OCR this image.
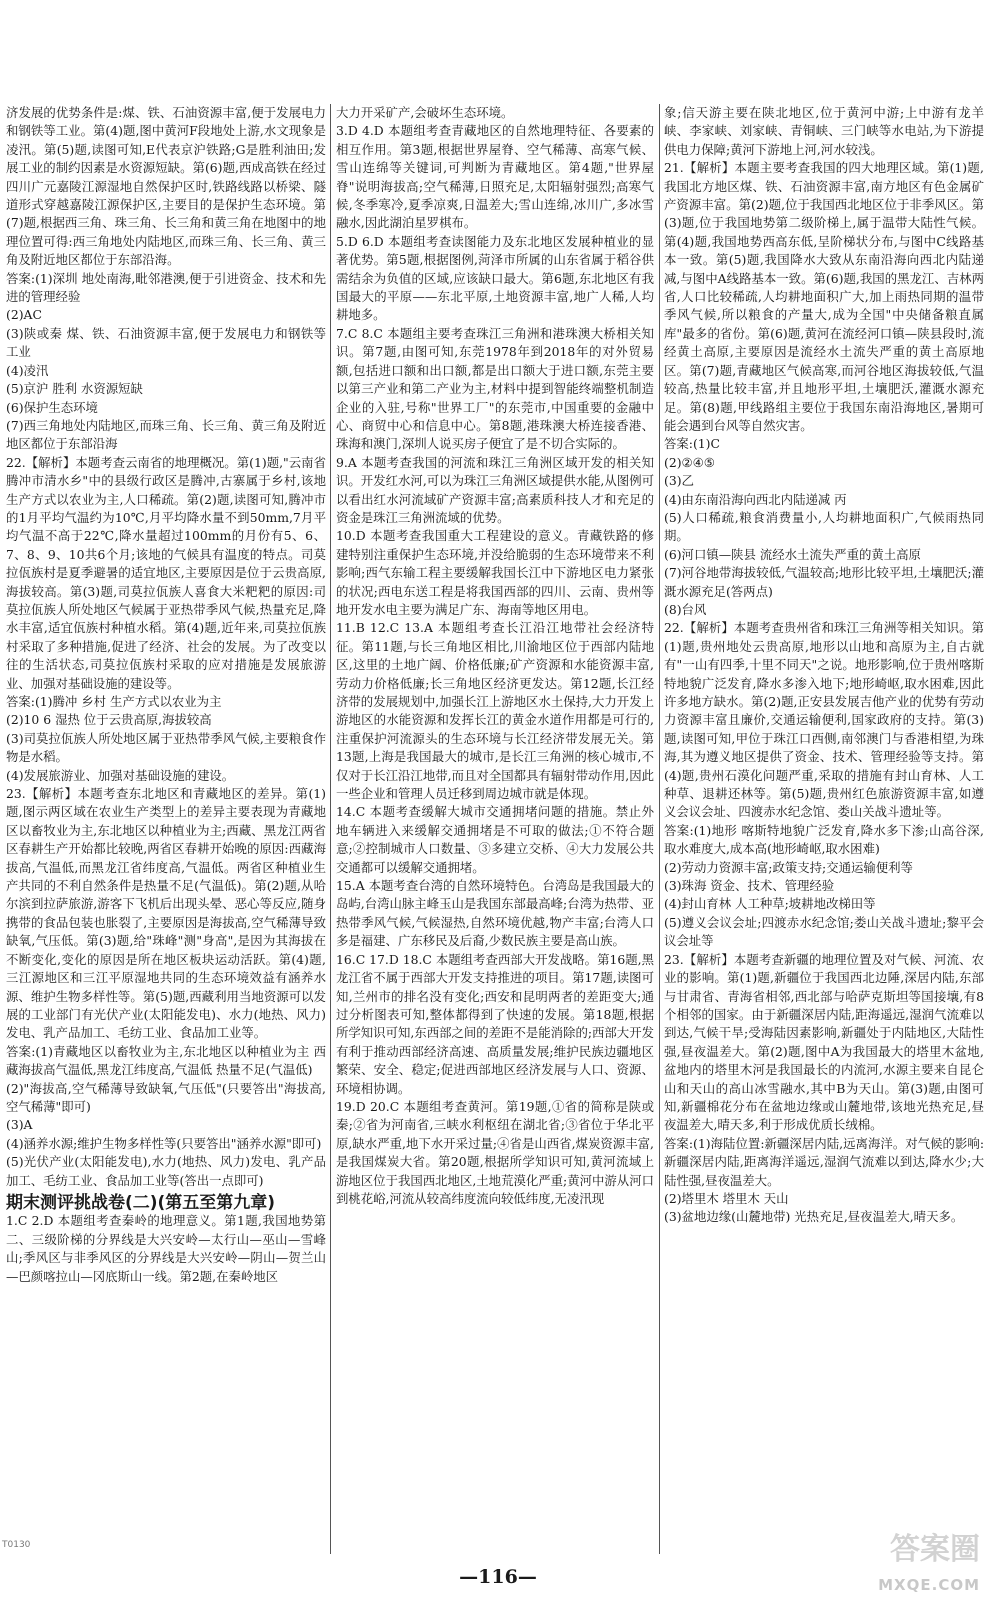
济发展的优势条件是:煤、铁、石油资源丰富,便于发展电力和钢铁等工业。第(4)题,图中黄河F段地处上游,水文现象是凌汛。第(5)题,读图可知,E代表京沪铁路;G是胜利油田;发展工业的制约因素是水资源短缺。第(6)题,西成高铁在经过四川广元嘉陵江源湿地自然保护区时,铁路线路以桥梁、隧道形式穿越嘉陵江源保护区,主要目的是保护生态环境。第(7)题,根据西三角、珠三角、长三角和黄三角在地图中的地理位置可得:西三角地处内陆地区,而珠三角、长三角、黄三角及附近地区都位于东部沿海。

答案:(1)深圳 地处南海,毗邻港澳,便于引进资金、技术和先进的管理经验

(2)AC

(3)陕或秦 煤、铁、石油资源丰富,便于发展电力和钢铁等工业

(4)凌汛

(5)京沪 胜利 水资源短缺

(6)保护生态环境

(7)西三角地处内陆地区,而珠三角、长三角、黄三角及附近地区都位于东部沿海

22.【解析】本题考查云南省的地理概况。第(1)题,"云南省腾冲市清水乡"中的县级行政区是腾冲,古寨属于乡村,该地生产方式以农业为主,人口稀疏。第(2)题,读图可知,腾冲市的1月平均气温约为10℃,月平均降水量不到50mm,7月平均气温不高于22℃,降水量超过100mm的月份有5、6、7、8、9、10共6个月;该地的气候具有温度的特点。司莫拉佤族村是夏季避暑的适宜地区,主要原因是位于云贵高原,海拔较高。第(3)题,司莫拉佤族人喜食大米粑粑的原因:司莫拉佤族人所处地区气候属于亚热带季风气候,热量充足,降水丰富,适宜佤族村种植水稻。第(4)题,近年来,司莫拉佤族村采取了多种措施,促进了经济、社会的发展。为了改变以往的生活状态,司莫拉佤族村采取的应对措施是发展旅游业、加强对基础设施的建设等。

答案:(1)腾冲 乡村 生产方式以农业为主

(2)10 6 湿热 位于云贵高原,海拔较高

(3)司莫拉佤族人所处地区属于亚热带季风气候,主要粮食作物是水稻。

(4)发展旅游业、加强对基础设施的建设。

23.【解析】本题考查东北地区和青藏地区的差异。第(1)题,图示两区域在农业生产类型上的差异主要表现为青藏地区以畜牧业为主,东北地区以种植业为主;西藏、黑龙江两省区春耕生产开始都比较晚,两省区春耕开始晚的原因:西藏海拔高,气温低,而黑龙江省纬度高,气温低。两省区种植业生产共同的不利自然条件是热量不足(气温低)。第(2)题,从哈尔滨到拉萨旅游,游客下飞机后出现头晕、恶心等反应,随身携带的食品包装也胀裂了,主要原因是海拔高,空气稀薄导致缺氧,气压低。第(3)题,给"珠峰"测"身高",是因为其海拔在不断变化,变化的原因是所在地区板块运动活跃。第(4)题,三江源地区和三江平原湿地共同的生态环境效益有涵养水源、维护生物多样性等。第(5)题,西藏利用当地资源可以发展的工业部门有光伏产业(太阳能发电)、水力(地热、风力)发电、乳产品加工、毛纺工业、食品加工业等。

答案:(1)青藏地区以畜牧业为主,东北地区以种植业为主 西藏海拔高气温低,黑龙江纬度高,气温低 热量不足(气温低)

(2)"海拔高,空气稀薄导致缺氧,气压低"(只要答出"海拔高,空气稀薄"即可)

(3)A

(4)涵养水源;维护生物多样性等(只要答出"涵养水源"即可)

(5)光伏产业(太阳能发电),水力(地热、风力)发电、乳产品加工、毛纺工业、食品加工业等(答出一点即可)

期末测评挑战卷(二)(第五至第九章)

1.C 2.D 本题组考查秦岭的地理意义。第1题,我国地势第二、三级阶梯的分界线是大兴安岭—太行山—巫山—雪峰山;季风区与非季风区的分界线是大兴安岭—阴山—贺兰山—巴颜喀拉山—冈底斯山一线。第2题,在秦岭地区

大力开采矿产,会破坏生态环境。

3.D 4.D 本题组考查青藏地区的自然地理特征、各要素的相互作用。第3题,根据世界屋脊、空气稀薄、高寒气候、雪山连绵等关键词,可判断为青藏地区。第4题,"世界屋脊"说明海拔高;空气稀薄,日照充足,太阳辐射强烈;高寒气候,冬季寒冷,夏季凉爽,日温差大;雪山连绵,冰川广,多冰雪融水,因此湖泊星罗棋布。

5.D 6.D 本题组考查读图能力及东北地区发展种植业的显著优势。第5题,根据图例,菏泽市所属的山东省属于稻谷供需结余为负值的区域,应该缺口最大。第6题,东北地区有我国最大的平原——东北平原,土地资源丰富,地广人稀,人均耕地多。

7.C 8.C 本题组主要考查珠江三角洲和港珠澳大桥相关知识。第7题,由图可知,东莞1978年到2018年的对外贸易额,包括进口额和出口额,都是出口额大于进口额,东莞主要以第三产业和第二产业为主,材料中提到智能终端整机制造企业的入驻,号称"世界工厂"的东莞市,中国重要的金融中心、商贸中心和信息中心。第8题,港珠澳大桥连接香港、珠海和澳门,深圳人说买房子便宜了是不切合实际的。

9.A 本题考查我国的河流和珠江三角洲区域开发的相关知识。开发红水河,可以为珠江三角洲区域提供水能,从图例可以看出红水河流域矿产资源丰富;高素质科技人才和充足的资金是珠江三角洲流域的优势。

10.D 本题考查我国重大工程建设的意义。青藏铁路的修建特别注重保护生态环境,并没给脆弱的生态环境带来不利影响;西气东输工程主要缓解我国长江中下游地区电力紧张的状况;西电东送工程是将我国西部的四川、云南、贵州等地开发水电主要为满足广东、海南等地区用电。

11.B 12.C 13.A 本题组考查长江沿江地带社会经济特征。第11题,与长三角地区相比,川渝地区位于西部内陆地区,这里的土地广阔、价格低廉;矿产资源和水能资源丰富,劳动力价格低廉;长三角地区经济更发达。第12题,长江经济带的发展规划中,加强长江上游地区水土保持,大力开发上游地区的水能资源和发挥长江的黄金水道作用都是可行的,注重保护河流源头的生态环境与长江经济带发展无关。第13题,上海是我国最大的城市,是长江三角洲的核心城市,不仅对于长江沿江地带,而且对全国都具有辐射带动作用,因此一些企业和管理人员迁移到周边城市就是体现。

14.C 本题考查缓解大城市交通拥堵问题的措施。禁止外地车辆进入来缓解交通拥堵是不可取的做法;①不符合题意;②控制城市人口数量、③多建立交桥、④大力发展公共交通都可以缓解交通拥堵。

15.A 本题考查台湾的自然环境特色。台湾岛是我国最大的岛屿,台湾山脉主峰玉山是我国东部最高峰;台湾为热带、亚热带季风气候,气候湿热,自然环境优越,物产丰富;台湾人口多是福建、广东移民及后裔,少数民族主要是高山族。

16.C 17.D 18.C 本题组考查西部大开发战略。第16题,黑龙江省不属于西部大开发支持推进的项目。第17题,读图可知,兰州市的排名没有变化;西安和昆明两者的差距变大;通过分析图表可知,整体都得到了快速的发展。第18题,根据所学知识可知,东西部之间的差距不是能消除的;西部大开发有利于推动西部经济高速、高质量发展;维护民族边疆地区繁荣、安全、稳定;促进西部地区经济发展与人口、资源、环境相协调。

19.D 20.C 本题组考查黄河。第19题,①省的简称是陕或秦;②省为河南省,三峡水利枢纽在湖北省;③省位于华北平原,缺水严重,地下水开采过量;④省是山西省,煤炭资源丰富,是我国煤炭大省。第20题,根据所学知识可知,黄河流域上游地区位于我国西北地区,土地荒漠化严重;黄河中游从河口到桃花峪,河流从较高纬度流向较低纬度,无凌汛现

象;信天游主要在陕北地区,位于黄河中游;上中游有龙羊峡、李家峡、刘家峡、青铜峡、三门峡等水电站,为下游提供电力保障;黄河下游地上河,河水较浅。

21.【解析】本题主要考查我国的四大地理区域。第(1)题,我国北方地区煤、铁、石油资源丰富,南方地区有色金属矿产资源丰富。第(2)题,位于我国西北地区位于非季风区。第(3)题,位于我国地势第二级阶梯上,属于温带大陆性气候。第(4)题,我国地势西高东低,呈阶梯状分布,与图中C线路基本一致。第(5)题,我国降水大致从东南沿海向西北内陆递减,与图中A线路基本一致。第(6)题,我国的黑龙江、吉林两省,人口比较稀疏,人均耕地面积广大,加上雨热同期的温带季风气候,所以粮食的产量大,成为全国"中央储备粮直属库"最多的省份。第(6)题,黄河在流经河口镇—陕县段时,流经黄土高原,主要原因是流经水土流失严重的黄土高原地区。第(7)题,青藏地区气候高寒,而河谷地区海拔较低,气温较高,热量比较丰富,并且地形平坦,土壤肥沃,灌溉水源充足。第(8)题,甲线路组主要位于我国东南沿海地区,暑期可能会遇到台风等自然灾害。

答案:(1)C

(2)②④⑤

(3)乙

(4)由东南沿海向西北内陆递减 丙

(5)人口稀疏,粮食消费量小,人均耕地面积广,气候雨热同期。

(6)河口镇—陕县 流经水土流失严重的黄土高原

(7)河谷地带海拔较低,气温较高;地形比较平坦,土壤肥沃;灌溉水源充足(答两点)

(8)台风

22.【解析】本题考查贵州省和珠江三角洲等相关知识。第(1)题,贵州地处云贵高原,地形以山地和高原为主,自古就有"一山有四季,十里不同天"之说。地形影响,位于贵州喀斯特地貌广泛发育,降水多渗入地下;地形崎岖,取水困难,因此许多地方缺水。第(2)题,正安县发展吉他产业的优势有劳动力资源丰富且廉价,交通运输便利,国家政府的支持。第(3)题,读图可知,甲位于珠江口西侧,南邻澳门与香港相望,为珠海,其为遵义地区提供了资金、技术、管理经验等支持。第(4)题,贵州石漠化问题严重,采取的措施有封山育林、人工种草、退耕还林等。第(5)题,贵州红色旅游资源丰富,如遵义会议会址、四渡赤水纪念馆、娄山关战斗遗址等。

答案:(1)地形 喀斯特地貌广泛发育,降水多下渗;山高谷深,取水难度大,成本高(地形崎岖,取水困难)

(2)劳动力资源丰富;政策支持;交通运输便利等

(3)珠海 资金、技术、管理经验

(4)封山育林 人工种草;坡耕地改梯田等

(5)遵义会议会址;四渡赤水纪念馆;娄山关战斗遗址;黎平会议会址等

23.【解析】本题考查新疆的地理位置及对气候、河流、农业的影响。第(1)题,新疆位于我国西北边陲,深居内陆,东部与甘肃省、青海省相邻,西北部与哈萨克斯坦等国接壤,有8个相邻的国家。由于新疆深居内陆,距海遥远,湿润气流难以到达,气候干旱;受海陆因素影响,新疆处于内陆地区,大陆性强,昼夜温差大。第(2)题,图中A为我国最大的塔里木盆地,盆地内的塔里木河是我国最长的内流河,水源主要来自昆仑山和天山的高山冰雪融水,其中B为天山。第(3)题,由图可知,新疆棉花分布在盆地边缘或山麓地带,该地光热充足,昼夜温差大,晴天多,利于形成优质长绒棉。

答案:(1)海陆位置:新疆深居内陆,远离海洋。对气候的影响:新疆深居内陆,距离海洋遥远,湿润气流难以到达,降水少;大陆性强,昼夜温差大。

(2)塔里木 塔里木 天山

(3)盆地边缘(山麓地带) 光热充足,昼夜温差大,晴天多。

T0130
—116—
答案圈
MXQE.COM
